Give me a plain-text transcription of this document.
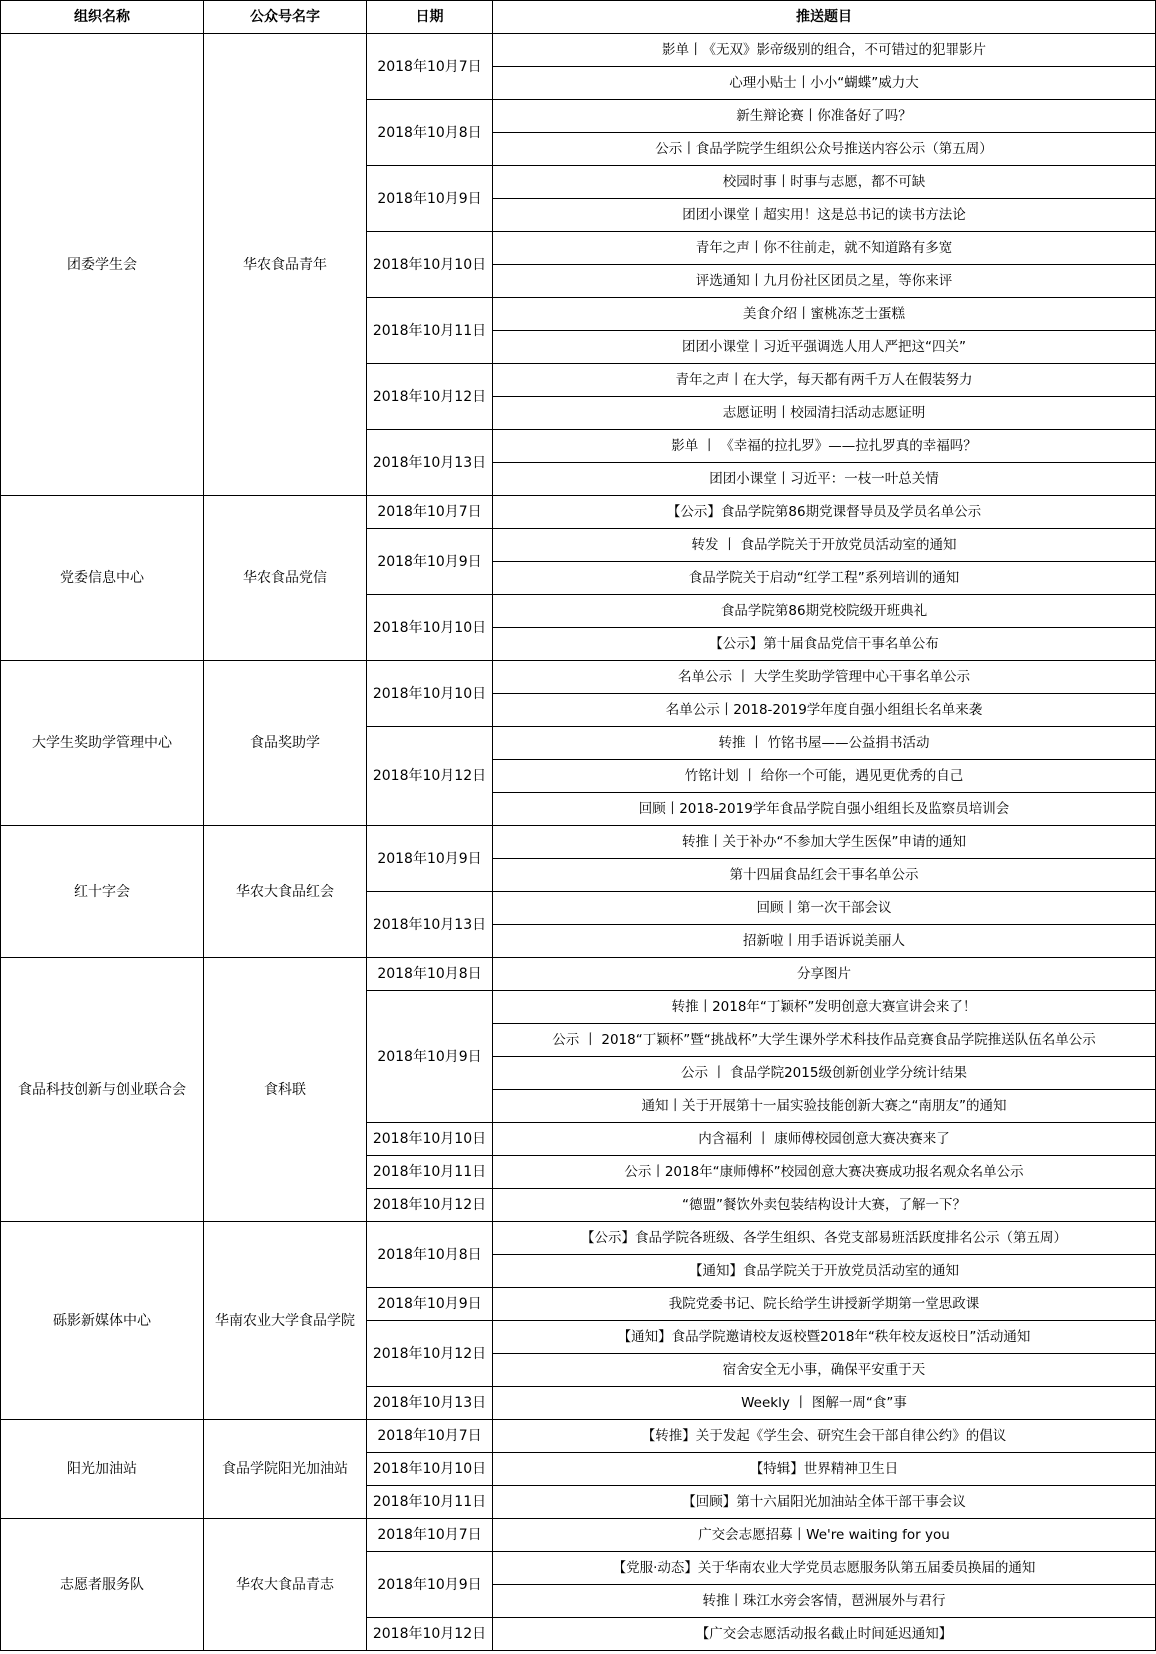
组织名称	公众号名字	日期	推送题目
团委学生会	华农食品青年	2018年10月7日	影单丨《无双》影帝级别的组合，不可错过的犯罪影片
			心理小贴士丨小小“蝴蝶”威力大
		2018年10月8日	新生辩论赛丨你准备好了吗？
			公示丨食品学院学生组织公众号推送内容公示（第五周）
		2018年10月9日	校园时事丨时事与志愿，都不可缺
			团团小课堂丨超实用！这是总书记的读书方法论
		2018年10月10日	青年之声丨你不往前走，就不知道路有多宽
			评选通知丨九月份社区团员之星，等你来评
		2018年10月11日	美食介绍丨蜜桃冻芝士蛋糕
			团团小课堂丨习近平强调选人用人严把这“四关”
		2018年10月12日	青年之声丨在大学，每天都有两千万人在假装努力
			志愿证明丨校园清扫活动志愿证明
		2018年10月13日	影单 丨 《幸福的拉扎罗》——拉扎罗真的幸福吗？
			团团小课堂丨习近平：一枝一叶总关情
党委信息中心	华农食品党信	2018年10月7日	【公示】食品学院第86期党课督导员及学员名单公示
		2018年10月9日	转发 丨 食品学院关于开放党员活动室的通知
			食品学院关于启动“红学工程”系列培训的通知
		2018年10月10日	食品学院第86期党校院级开班典礼
			【公示】第十届食品党信干事名单公布
大学生奖助学管理中心	食品奖助学	2018年10月10日	名单公示 丨 大学生奖助学管理中心干事名单公示
			名单公示丨2018-2019学年度自强小组组长名单来袭
		2018年10月12日	转推 丨 竹铭书屋——公益捐书活动
			竹铭计划 丨 给你一个可能，遇见更优秀的自己
			回顾丨2018-2019学年食品学院自强小组组长及监察员培训会
红十字会	华农大食品红会	2018年10月9日	转推丨关于补办“不参加大学生医保”申请的通知
			第十四届食品红会干事名单公示
		2018年10月13日	回顾丨第一次干部会议
			招新啦丨用手语诉说美丽人
食品科技创新与创业联合会	食科联	2018年10月8日	分享图片
		2018年10月9日	转推丨2018年“丁颖杯”发明创意大赛宣讲会来了！
			公示 丨 2018“丁颖杯”暨“挑战杯”大学生课外学术科技作品竞赛食品学院推送队伍名单公示
			公示 丨 食品学院2015级创新创业学分统计结果
			通知丨关于开展第十一届实验技能创新大赛之“南朋友”的通知
		2018年10月10日	内含福利 丨 康师傅校园创意大赛决赛来了
		2018年10月11日	公示丨2018年“康师傅杯”校园创意大赛决赛成功报名观众名单公示
		2018年10月12日	“德盟”餐饮外卖包装结构设计大赛，了解一下？
砾影新媒体中心	华南农业大学食品学院	2018年10月8日	【公示】食品学院各班级、各学生组织、各党支部易班活跃度排名公示（第五周）
			【通知】食品学院关于开放党员活动室的通知
		2018年10月9日	我院党委书记、院长给学生讲授新学期第一堂思政课
		2018年10月12日	【通知】食品学院邀请校友返校暨2018年“秩年校友返校日”活动通知
			宿舍安全无小事，确保平安重于天
		2018年10月13日	Weekly 丨 图解一周“食”事
阳光加油站	食品学院阳光加油站	2018年10月7日	【转推】关于发起《学生会、研究生会干部自律公约》的倡议
		2018年10月10日	【特辑】世界精神卫生日
		2018年10月11日	【回顾】第十六届阳光加油站全体干部干事会议
志愿者服务队	华农大食品青志	2018年10月7日	广交会志愿招募丨We're waiting for you
		2018年10月9日	【党服·动态】关于华南农业大学党员志愿服务队第五届委员换届的通知
			转推丨珠江水旁会客情，琶洲展外与君行
		2018年10月12日	【广交会志愿活动报名截止时间延迟通知】
